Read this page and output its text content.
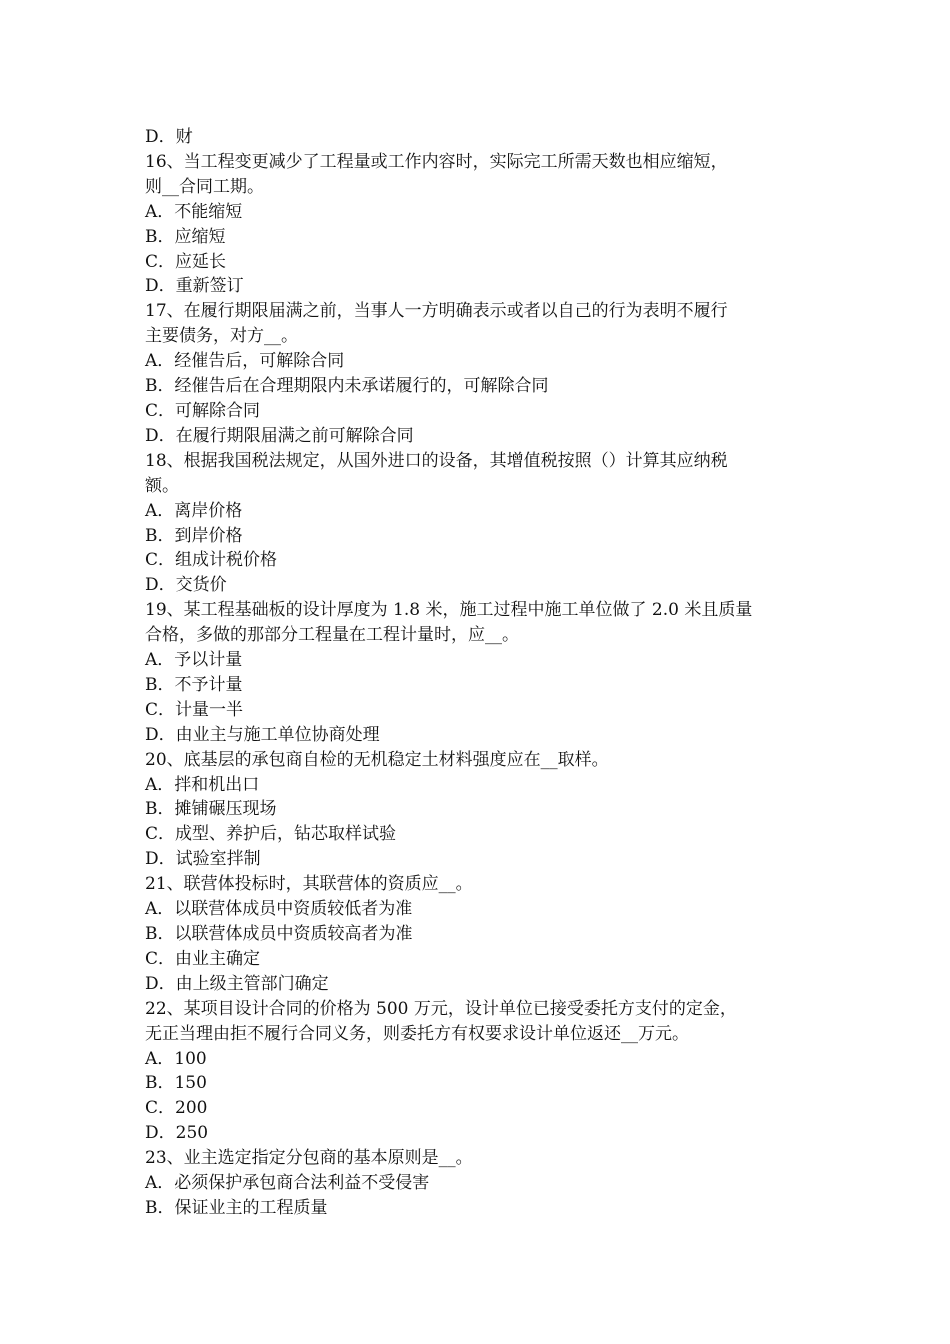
D．财

16、当工程变更减少了工程量或工作内容时，实际完工所需天数也相应缩短，

则__合同工期。

A．不能缩短

B．应缩短

C．应延长

D．重新签订

17、在履行期限届满之前，当事人一方明确表示或者以自己的行为表明不履行

主要债务，对方__。

A．经催告后，可解除合同

B．经催告后在合理期限内未承诺履行的，可解除合同

C．可解除合同

D．在履行期限届满之前可解除合同

18、根据我国税法规定，从国外进口的设备，其增值税按照（）计算其应纳税

额。

A．离岸价格

B．到岸价格

C．组成计税价格

D．交货价

19、某工程基础板的设计厚度为 1.8 米，施工过程中施工单位做了 2.0 米且质量

合格，多做的那部分工程量在工程计量时，应__。

A．予以计量

B．不予计量

C．计量一半

D．由业主与施工单位协商处理

20、底基层的承包商自检的无机稳定土材料强度应在__取样。

A．拌和机出口

B．摊铺碾压现场

C．成型、养护后，钻芯取样试验

D．试验室拌制

21、联营体投标时，其联营体的资质应__。

A．以联营体成员中资质较低者为准

B．以联营体成员中资质较高者为准

C．由业主确定

D．由上级主管部门确定

22、某项目设计合同的价格为 500 万元，设计单位已接受委托方支付的定金，

无正当理由拒不履行合同义务，则委托方有权要求设计单位返还__万元。

A．100

B．150

C．200

D．250

23、业主选定指定分包商的基本原则是__。

A．必须保护承包商合法利益不受侵害

B．保证业主的工程质量
